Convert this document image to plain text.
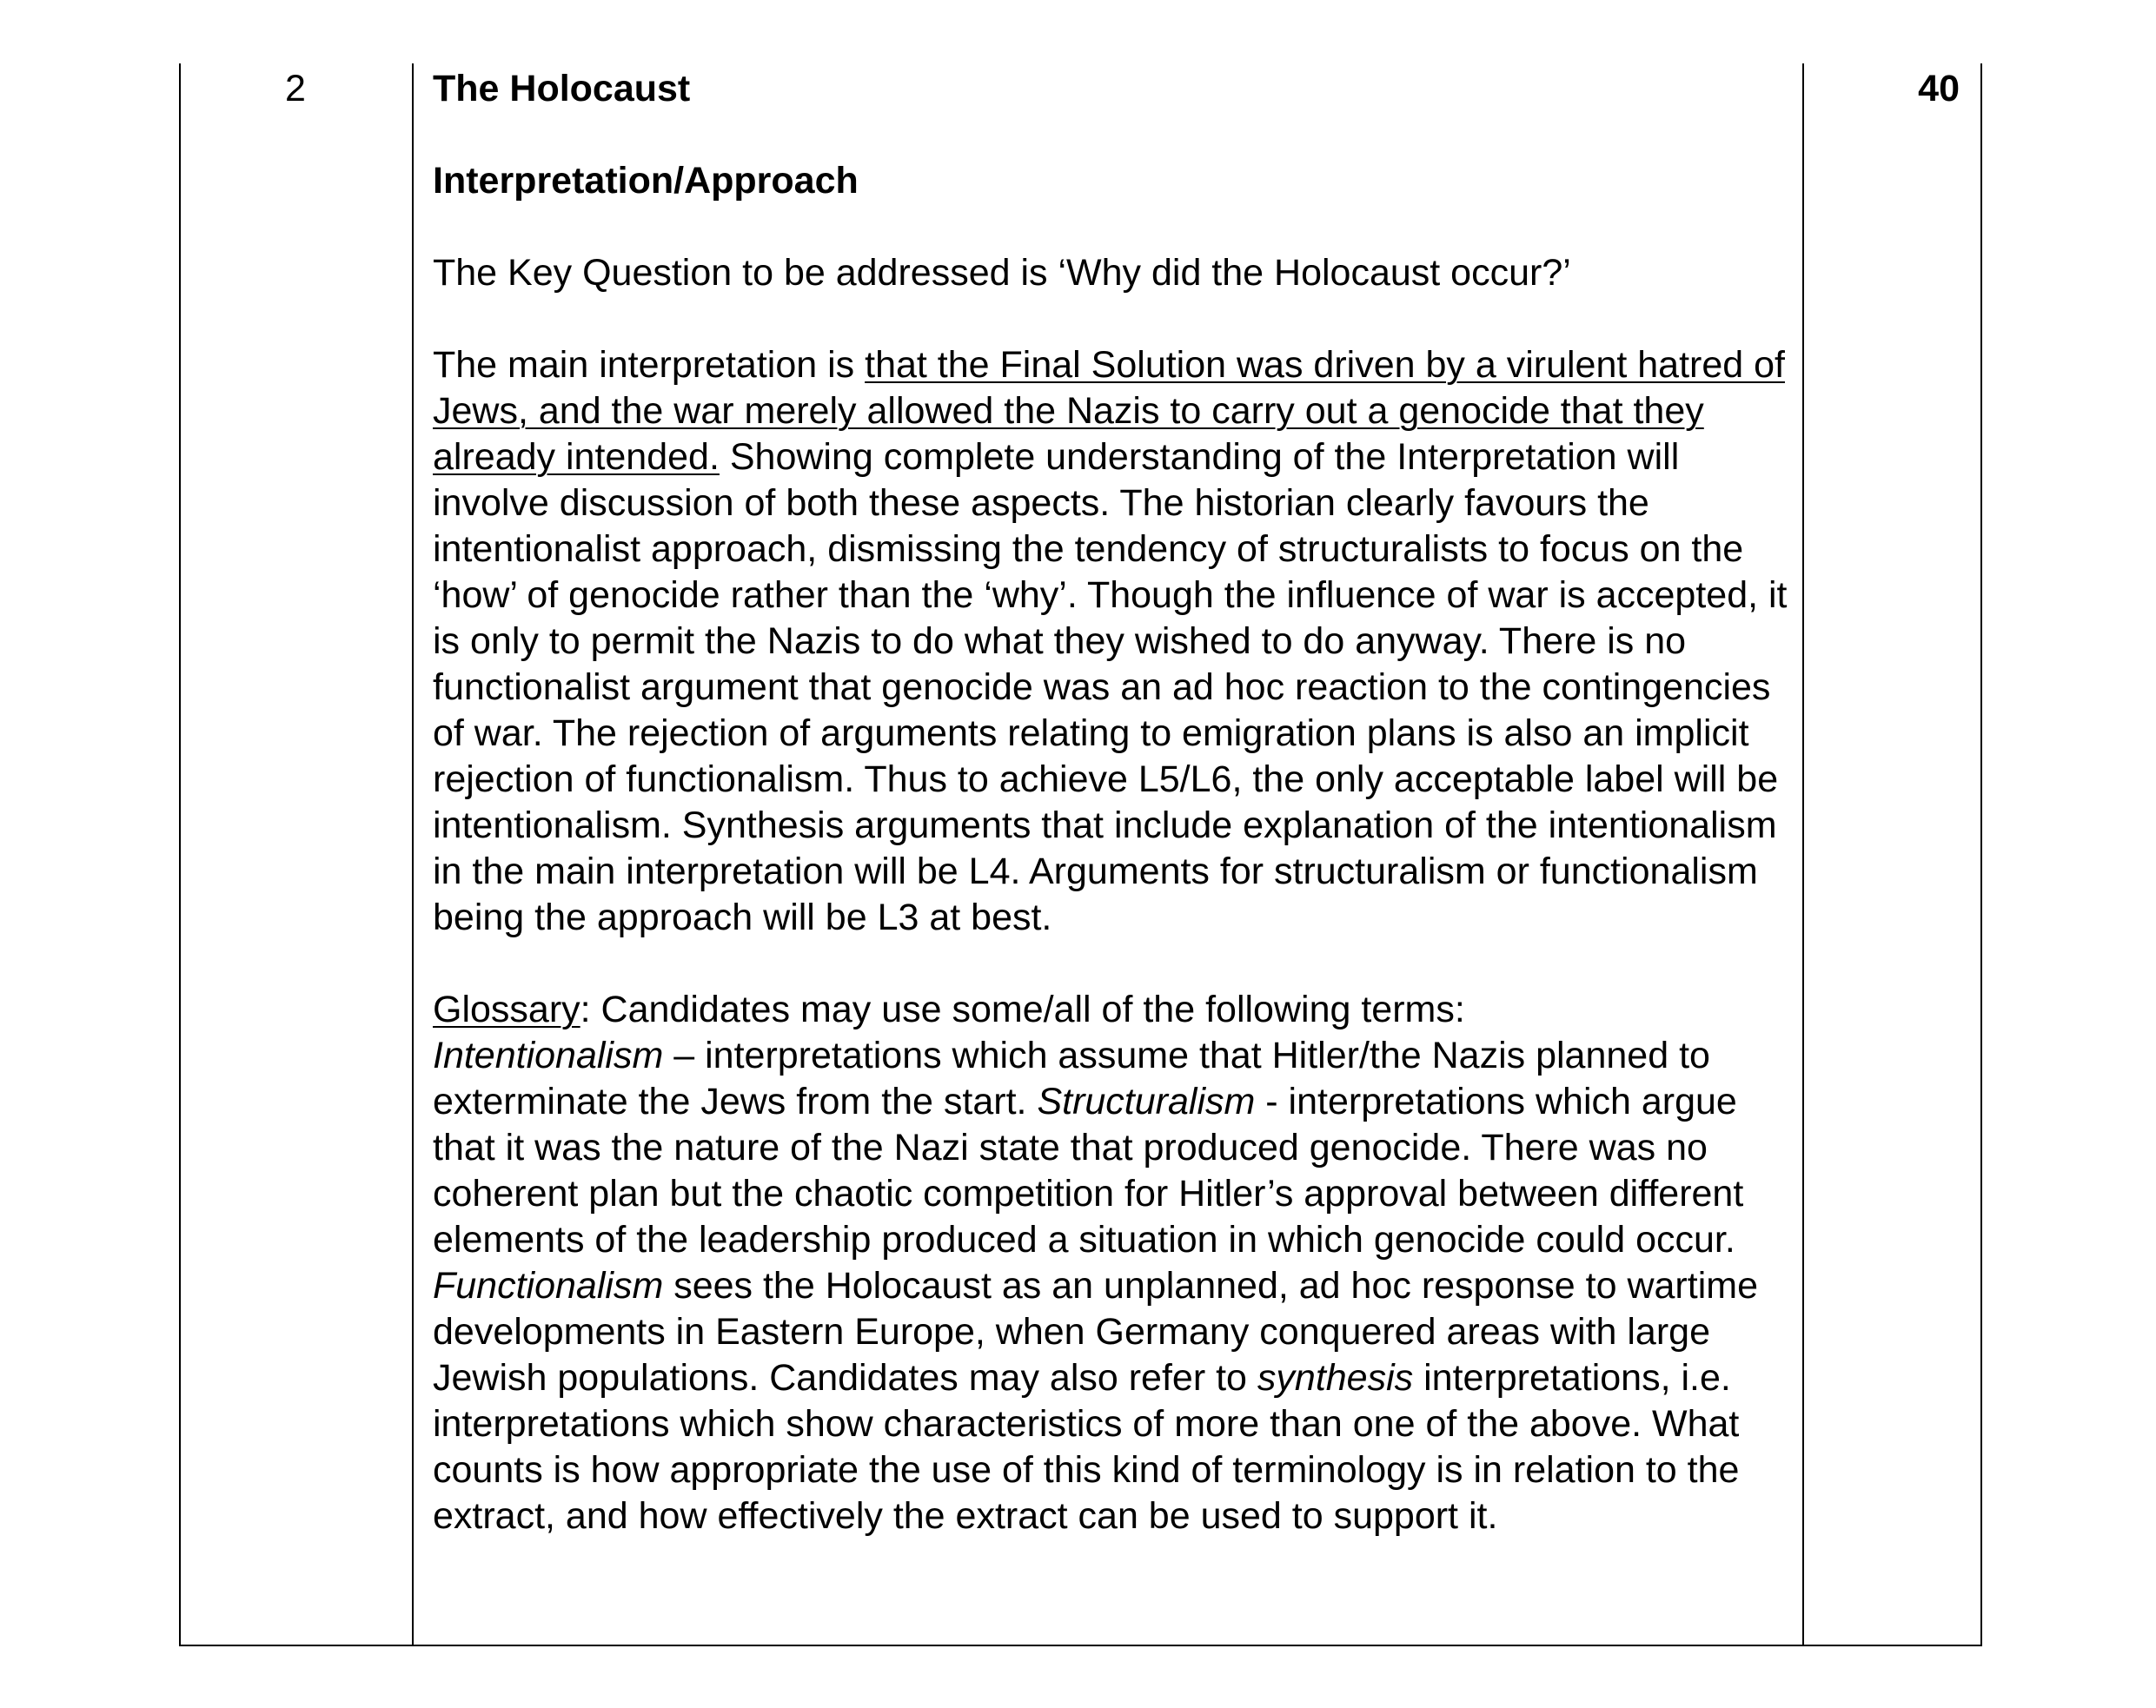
2	The Holocaust

Interpretation/Approach

The Key Question to be addressed is ‘Why did the Holocaust occur?’

The main interpretation is that the Final Solution was driven by a virulent hatred of Jews, and the war merely allowed the Nazis to carry out a genocide that they already intended. Showing complete understanding of the Interpretation will involve discussion of both these aspects. The historian clearly favours the intentionalist approach, dismissing the tendency of structuralists to focus on the ‘how’ of genocide rather than the ‘why’. Though the influence of war is accepted, it is only to permit the Nazis to do what they wished to do anyway. There is no functionalist argument that genocide was an ad hoc reaction to the contingencies of war. The rejection of arguments relating to emigration plans is also an implicit rejection of functionalism. Thus to achieve L5/L6, the only acceptable label will be intentionalism. Synthesis arguments that include explanation of the intentionalism in the main interpretation will be L4. Arguments for structuralism or functionalism being the approach will be L3 at best.

Glossary: Candidates may use some/all of the following terms:
Intentionalism – interpretations which assume that Hitler/the Nazis planned to exterminate the Jews from the start. Structuralism - interpretations which argue that it was the nature of the Nazi state that produced genocide. There was no coherent plan but the chaotic competition for Hitler’s approval between different elements of the leadership produced a situation in which genocide could occur. Functionalism sees the Holocaust as an unplanned, ad hoc response to wartime developments in Eastern Europe, when Germany conquered areas with large Jewish populations. Candidates may also refer to synthesis interpretations, i.e. interpretations which show characteristics of more than one of the above. What counts is how appropriate the use of this kind of terminology is in relation to the extract, and how effectively the extract can be used to support it.

40
